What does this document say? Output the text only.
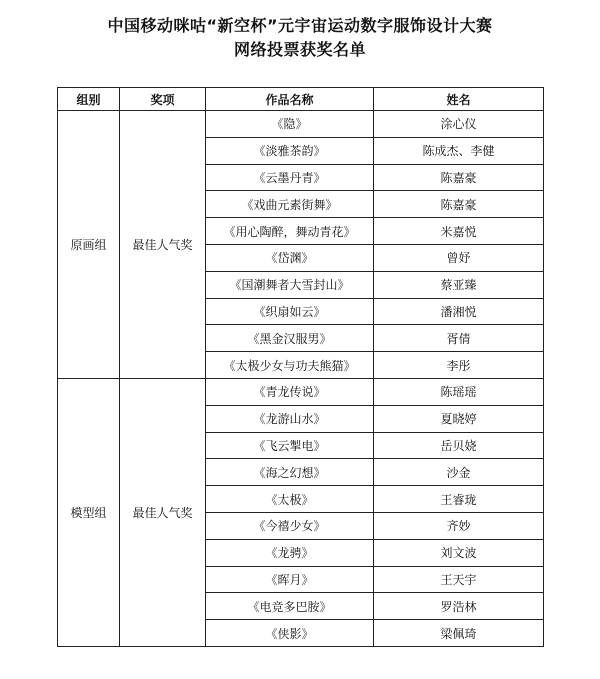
中国移动咪咕“新空杯”元宇宙运动数字服饰设计大赛
网络投票获奖名单
组别	奖项	作品名称	姓名
原画组	最佳人气奖	《隐》	涂心仪
		《淡雅茶韵》	陈成杰、李健
		《云墨丹青》	陈嘉豪
		《戏曲元素街舞》	陈嘉豪
		《用心陶醉，舞动青花》	米嘉悦
		《岱渊》	曾妤
		《国潮舞者大雪封山》	蔡亚臻
		《织扇如云》	潘湘悦
		《黑金汉服男》	胥倩
		《太极少女与功夫熊猫》	李彤
模型组	最佳人气奖	《青龙传说》	陈瑶瑶
		《龙游山水》	夏晓婷
		《飞云掣电》	岳贝娆
		《海之幻想》	沙金
		《太极》	王睿珑
		《今禧少女》	齐妙
		《龙骋》	刘文波
		《晖月》	王天宇
		《电竞多巴胺》	罗浩林
		《侠影》	梁佩琦
